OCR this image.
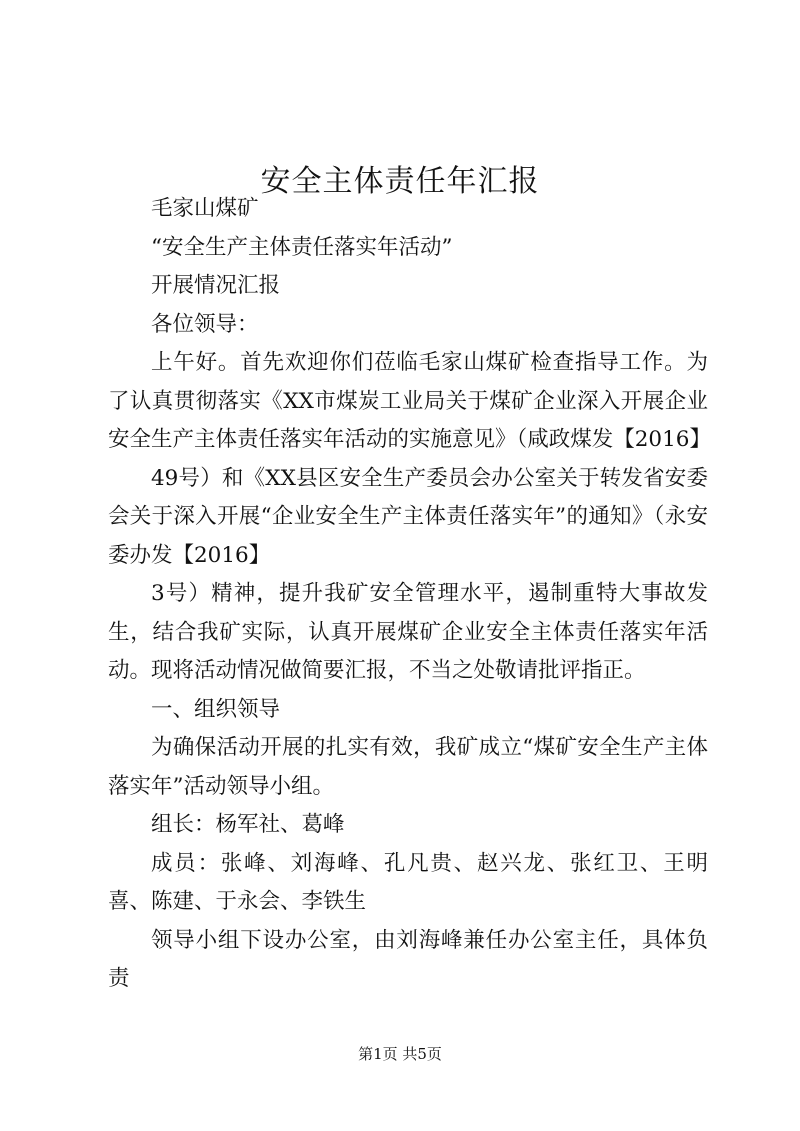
安全主体责任年汇报

毛家山煤矿

“安全生产主体责任落实年活动”

开展情况汇报

各位领导：

上午好。首先欢迎你们莅临毛家山煤矿检查指导工作。为了认真贯彻落实《XX市煤炭工业局关于煤矿企业深入开展企业安全生产主体责任落实年活动的实施意见》（咸政煤发【2016】

49号）和《XX县区安全生产委员会办公室关于转发省安委会关于深入开展“企业安全生产主体责任落实年”的通知》（永安委办发【2016】

3号）精神，提升我矿安全管理水平，遏制重特大事故发生，结合我矿实际，认真开展煤矿企业安全主体责任落实年活动。现将活动情况做简要汇报，不当之处敬请批评指正。

一、组织领导

为确保活动开展的扎实有效，我矿成立“煤矿安全生产主体落实年”活动领导小组。

组长：杨军社、葛峰

成员：张峰、刘海峰、孔凡贵、赵兴龙、张红卫、王明喜、陈建、于永会、李铁生

领导小组下设办公室，由刘海峰兼任办公室主任，具体负责

第1页 共5页
